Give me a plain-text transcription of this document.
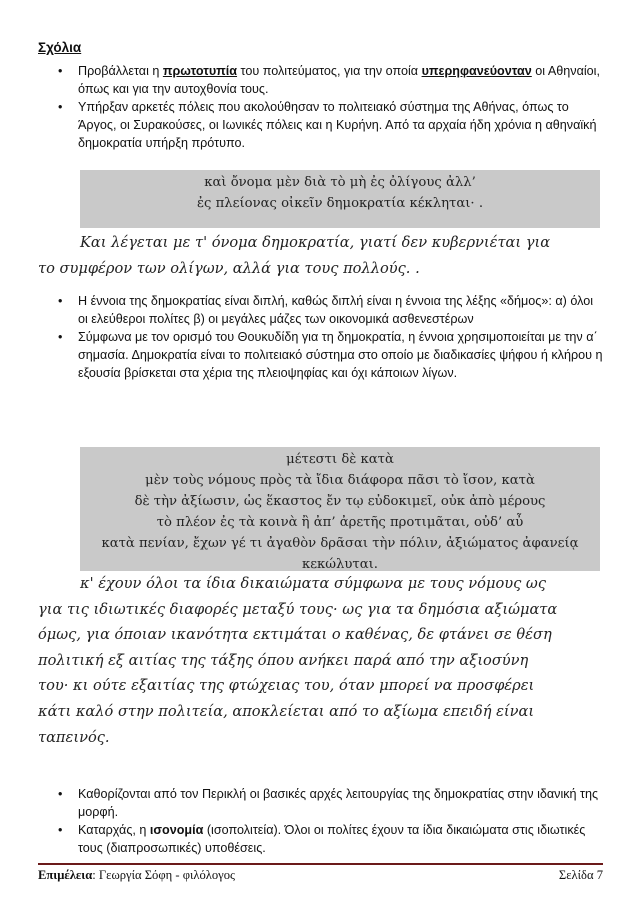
Σχόλια
• Προβάλλεται η πρωτοτυπία του πολιτεύματος, για την οποία υπερηφανεύονταν οι Αθηναίοι, όπως και για την αυτοχθονία τους.
• Υπήρξαν αρκετές πόλεις που ακολούθησαν το πολιτειακό σύστημα της Αθήνας, όπως το Άργος, οι Συρακούσες, οι Ιωνικές πόλεις και η Κυρήνη. Από τα αρχαία ήδη χρόνια η αθηναϊκή δημοκρατία υπήρξη πρότυπο.
καὶ ὄνομα μὲν διὰ τὸ μὴ ἐς ὀλίγους ἀλλ’
ἐς πλείονας οἰκεῖν δημοκρατία κέκληται· .
Και λέγεται με τ' όνομα δημοκρατία, γιατί δεν κυβερνιέται για
το συμφέρον των ολίγων, αλλά για τους πολλούς. .
• Η έννοια της δημοκρατίας είναι διπλή, καθώς διπλή είναι η έννοια της λέξης «δήμος»: α) όλοι οι ελεύθεροι πολίτες β) οι μεγάλες μάζες των οικονομικά ασθενεστέρων
• Σύμφωνα με τον ορισμό του Θουκυδίδη για τη δημοκρατία, η έννοια χρησιμοποιείται με την α΄ σημασία. Δημοκρατία είναι το πολιτειακό σύστημα στο οποίο με διαδικασίες ψήφου ή κλήρου η εξουσία βρίσκεται στα χέρια της πλειοψηφίας και όχι κάποιων λίγων.
μέτεστι δὲ κατὰ
μὲν τοὺς νόμους πρὸς τὰ ἴδια διάφορα πᾶσι τὸ ἴσον, κατὰ
δὲ τὴν ἀξίωσιν, ὡς ἕκαστος ἔν τῳ εὐδοκιμεῖ, οὐκ ἀπὸ μέρους
τὸ πλέον ἐς τὰ κοινὰ ἢ ἀπ’ ἀρετῆς προτιμᾶται, οὐδ’ αὖ
κατὰ πενίαν, ἔχων γέ τι ἀγαθὸν δρᾶσαι τὴν πόλιν, ἀξιώματος ἀφανείᾳ
κεκώλυται.
κ' έχουν όλοι τα ίδια δικαιώματα σύμφωνα με τους νόμους ως
για τις ιδιωτικές διαφορές μεταξύ τους· ως για τα δημόσια αξιώματα
όμως, για όποιαν ικανότητα εκτιμάται ο καθένας, δε φτάνει σε θέση
πολιτική εξ αιτίας της τάξης όπου ανήκει παρά από την αξιοσύνη
του· κι ούτε εξαιτίας της φτώχειας του, όταν μπορεί να προσφέρει
κάτι καλό στην πολιτεία, αποκλείεται από το αξίωμα επειδή είναι
ταπεινός.
• Καθορίζονται από τον Περικλή οι βασικές αρχές λειτουργίας της δημοκρατίας στην ιδανική της μορφή.
• Καταρχάς, η ισονομία (ισοπολιτεία). Όλοι οι πολίτες έχουν τα ίδια δικαιώματα στις ιδιωτικές τους (διαπροσωπικές) υποθέσεις.
Επιμέλεια: Γεωργία Σόφη - φιλόλογος	Σελίδα 7
